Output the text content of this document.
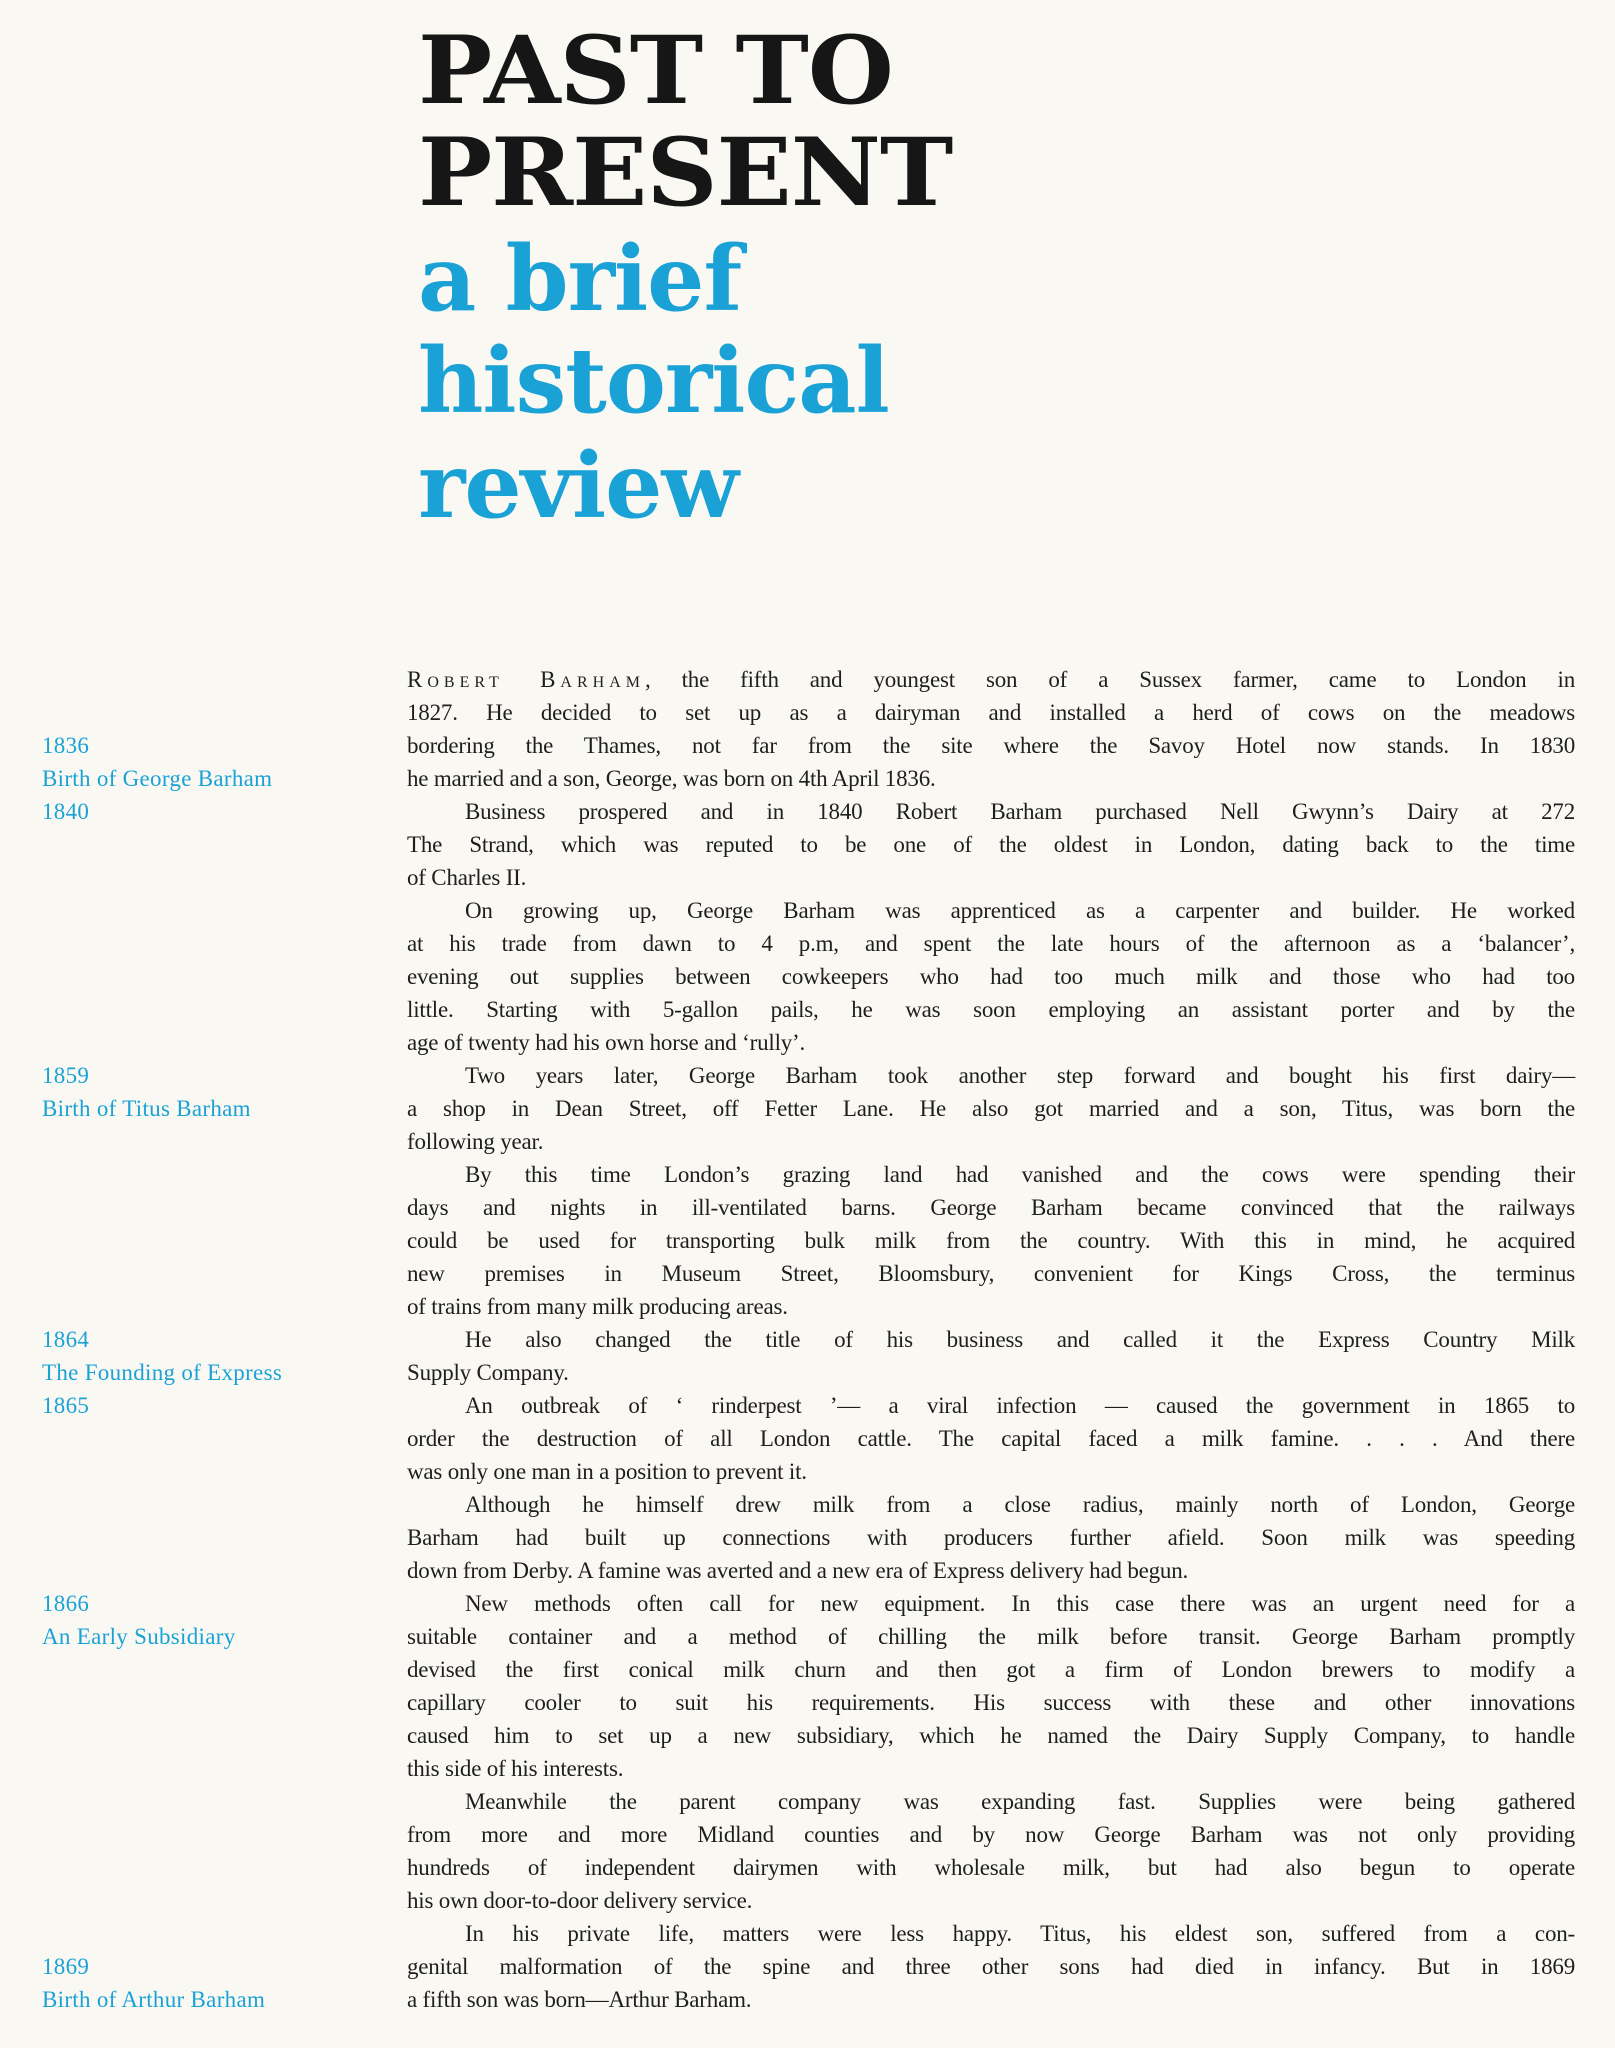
PAST TO
PRESENT
a brief
historical
review
1836
Birth of George Barham
1840
1859
Birth of Titus Barham
1864
The Founding of Express
1865
1866
An Early Subsidiary
1869
Birth of Arthur Barham
Robert Barham, the fifth and youngest son of a Sussex farmer, came to London in
1827. He decided to set up as a dairyman and installed a herd of cows on the meadows
bordering the Thames, not far from the site where the Savoy Hotel now stands. In 1830
he married and a son, George, was born on 4th April 1836.
Business prospered and in 1840 Robert Barham purchased Nell Gwynn’s Dairy at 272
The Strand, which was reputed to be one of the oldest in London, dating back to the time
of Charles II.
On growing up, George Barham was apprenticed as a carpenter and builder. He worked
at his trade from dawn to 4 p.m, and spent the late hours of the afternoon as a ‘balancer’,
evening out supplies between cowkeepers who had too much milk and those who had too
little. Starting with 5-gallon pails, he was soon employing an assistant porter and by the
age of twenty had his own horse and ‘rully’.
Two years later, George Barham took another step forward and bought his first dairy—
a shop in Dean Street, off Fetter Lane. He also got married and a son, Titus, was born the
following year.
By this time London’s grazing land had vanished and the cows were spending their
days and nights in ill-ventilated barns. George Barham became convinced that the railways
could be used for transporting bulk milk from the country. With this in mind, he acquired
new premises in Museum Street, Bloomsbury, convenient for Kings Cross, the terminus
of trains from many milk producing areas.
He also changed the title of his business and called it the Express Country Milk
Supply Company.
An outbreak of ‘ rinderpest ’— a viral infection — caused the government in 1865 to
order the destruction of all London cattle. The capital faced a milk famine. . . . And there
was only one man in a position to prevent it.
Although he himself drew milk from a close radius, mainly north of London, George
Barham had built up connections with producers further afield. Soon milk was speeding
down from Derby. A famine was averted and a new era of Express delivery had begun.
New methods often call for new equipment. In this case there was an urgent need for a
suitable container and a method of chilling the milk before transit. George Barham promptly
devised the first conical milk churn and then got a firm of London brewers to modify a
capillary cooler to suit his requirements. His success with these and other innovations
caused him to set up a new subsidiary, which he named the Dairy Supply Company, to handle
this side of his interests.
Meanwhile the parent company was expanding fast. Supplies were being gathered
from more and more Midland counties and by now George Barham was not only providing
hundreds of independent dairymen with wholesale milk, but had also begun to operate
his own door-to-door delivery service.
In his private life, matters were less happy. Titus, his eldest son, suffered from a con-
genital malformation of the spine and three other sons had died in infancy. But in 1869
a fifth son was born—Arthur Barham.
